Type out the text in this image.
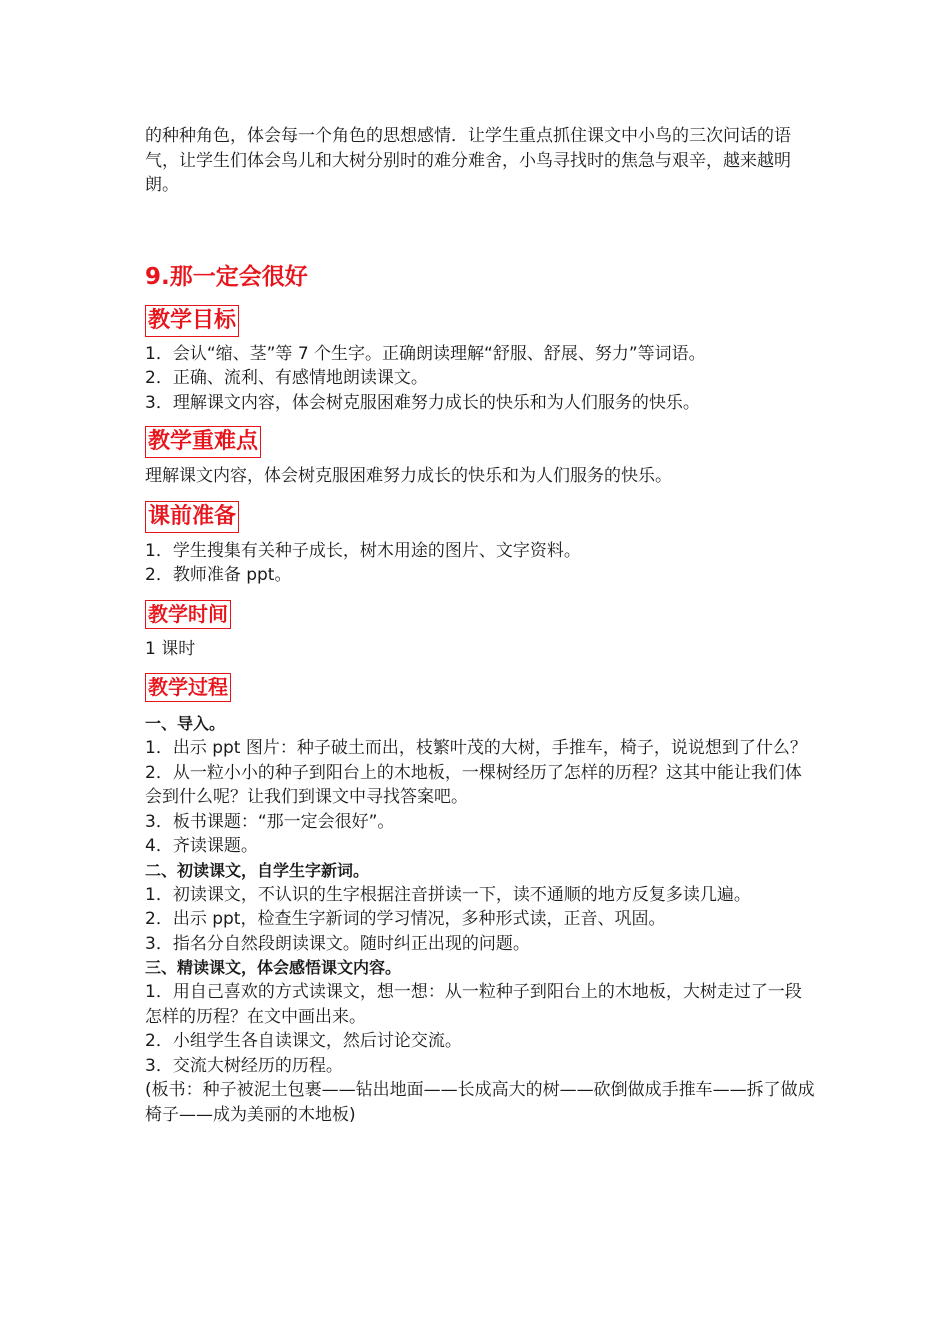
的种种角色，体会每一个角色的思想感情．让学生重点抓住课文中小鸟的三次问话的语气，让学生们体会鸟儿和大树分别时的难分难舍，小鸟寻找时的焦急与艰辛，越来越明朗。

9.那一定会很好

教学目标

1．会认“缩、茎”等 7 个生字。正确朗读理解“舒服、舒展、努力”等词语。

2．正确、流利、有感情地朗读课文。

3．理解课文内容，体会树克服困难努力成长的快乐和为人们服务的快乐。

教学重难点

理解课文内容，体会树克服困难努力成长的快乐和为人们服务的快乐。

课前准备

1．学生搜集有关种子成长，树木用途的图片、文字资料。

2．教师准备 ppt。

教学时间

1 课时

教学过程

一、导入。

1．出示 ppt 图片：种子破土而出，枝繁叶茂的大树，手推车，椅子，说说想到了什么？

2．从一粒小小的种子到阳台上的木地板，一棵树经历了怎样的历程？这其中能让我们体会到什么呢？让我们到课文中寻找答案吧。

3．板书课题：“那一定会很好”。

4．齐读课题。

二、初读课文，自学生字新词。

1．初读课文，不认识的生字根据注音拼读一下，读不通顺的地方反复多读几遍。

2．出示 ppt，检查生字新词的学习情况，多种形式读，正音、巩固。

3．指名分自然段朗读课文。随时纠正出现的问题。

三、精读课文，体会感悟课文内容。

1．用自己喜欢的方式读课文，想一想：从一粒种子到阳台上的木地板，大树走过了一段怎样的历程？在文中画出来。

2．小组学生各自读课文，然后讨论交流。

3．交流大树经历的历程。

(板书：种子被泥土包裹——钻出地面——长成高大的树——砍倒做成手推车——拆了做成椅子——成为美丽的木地板)
